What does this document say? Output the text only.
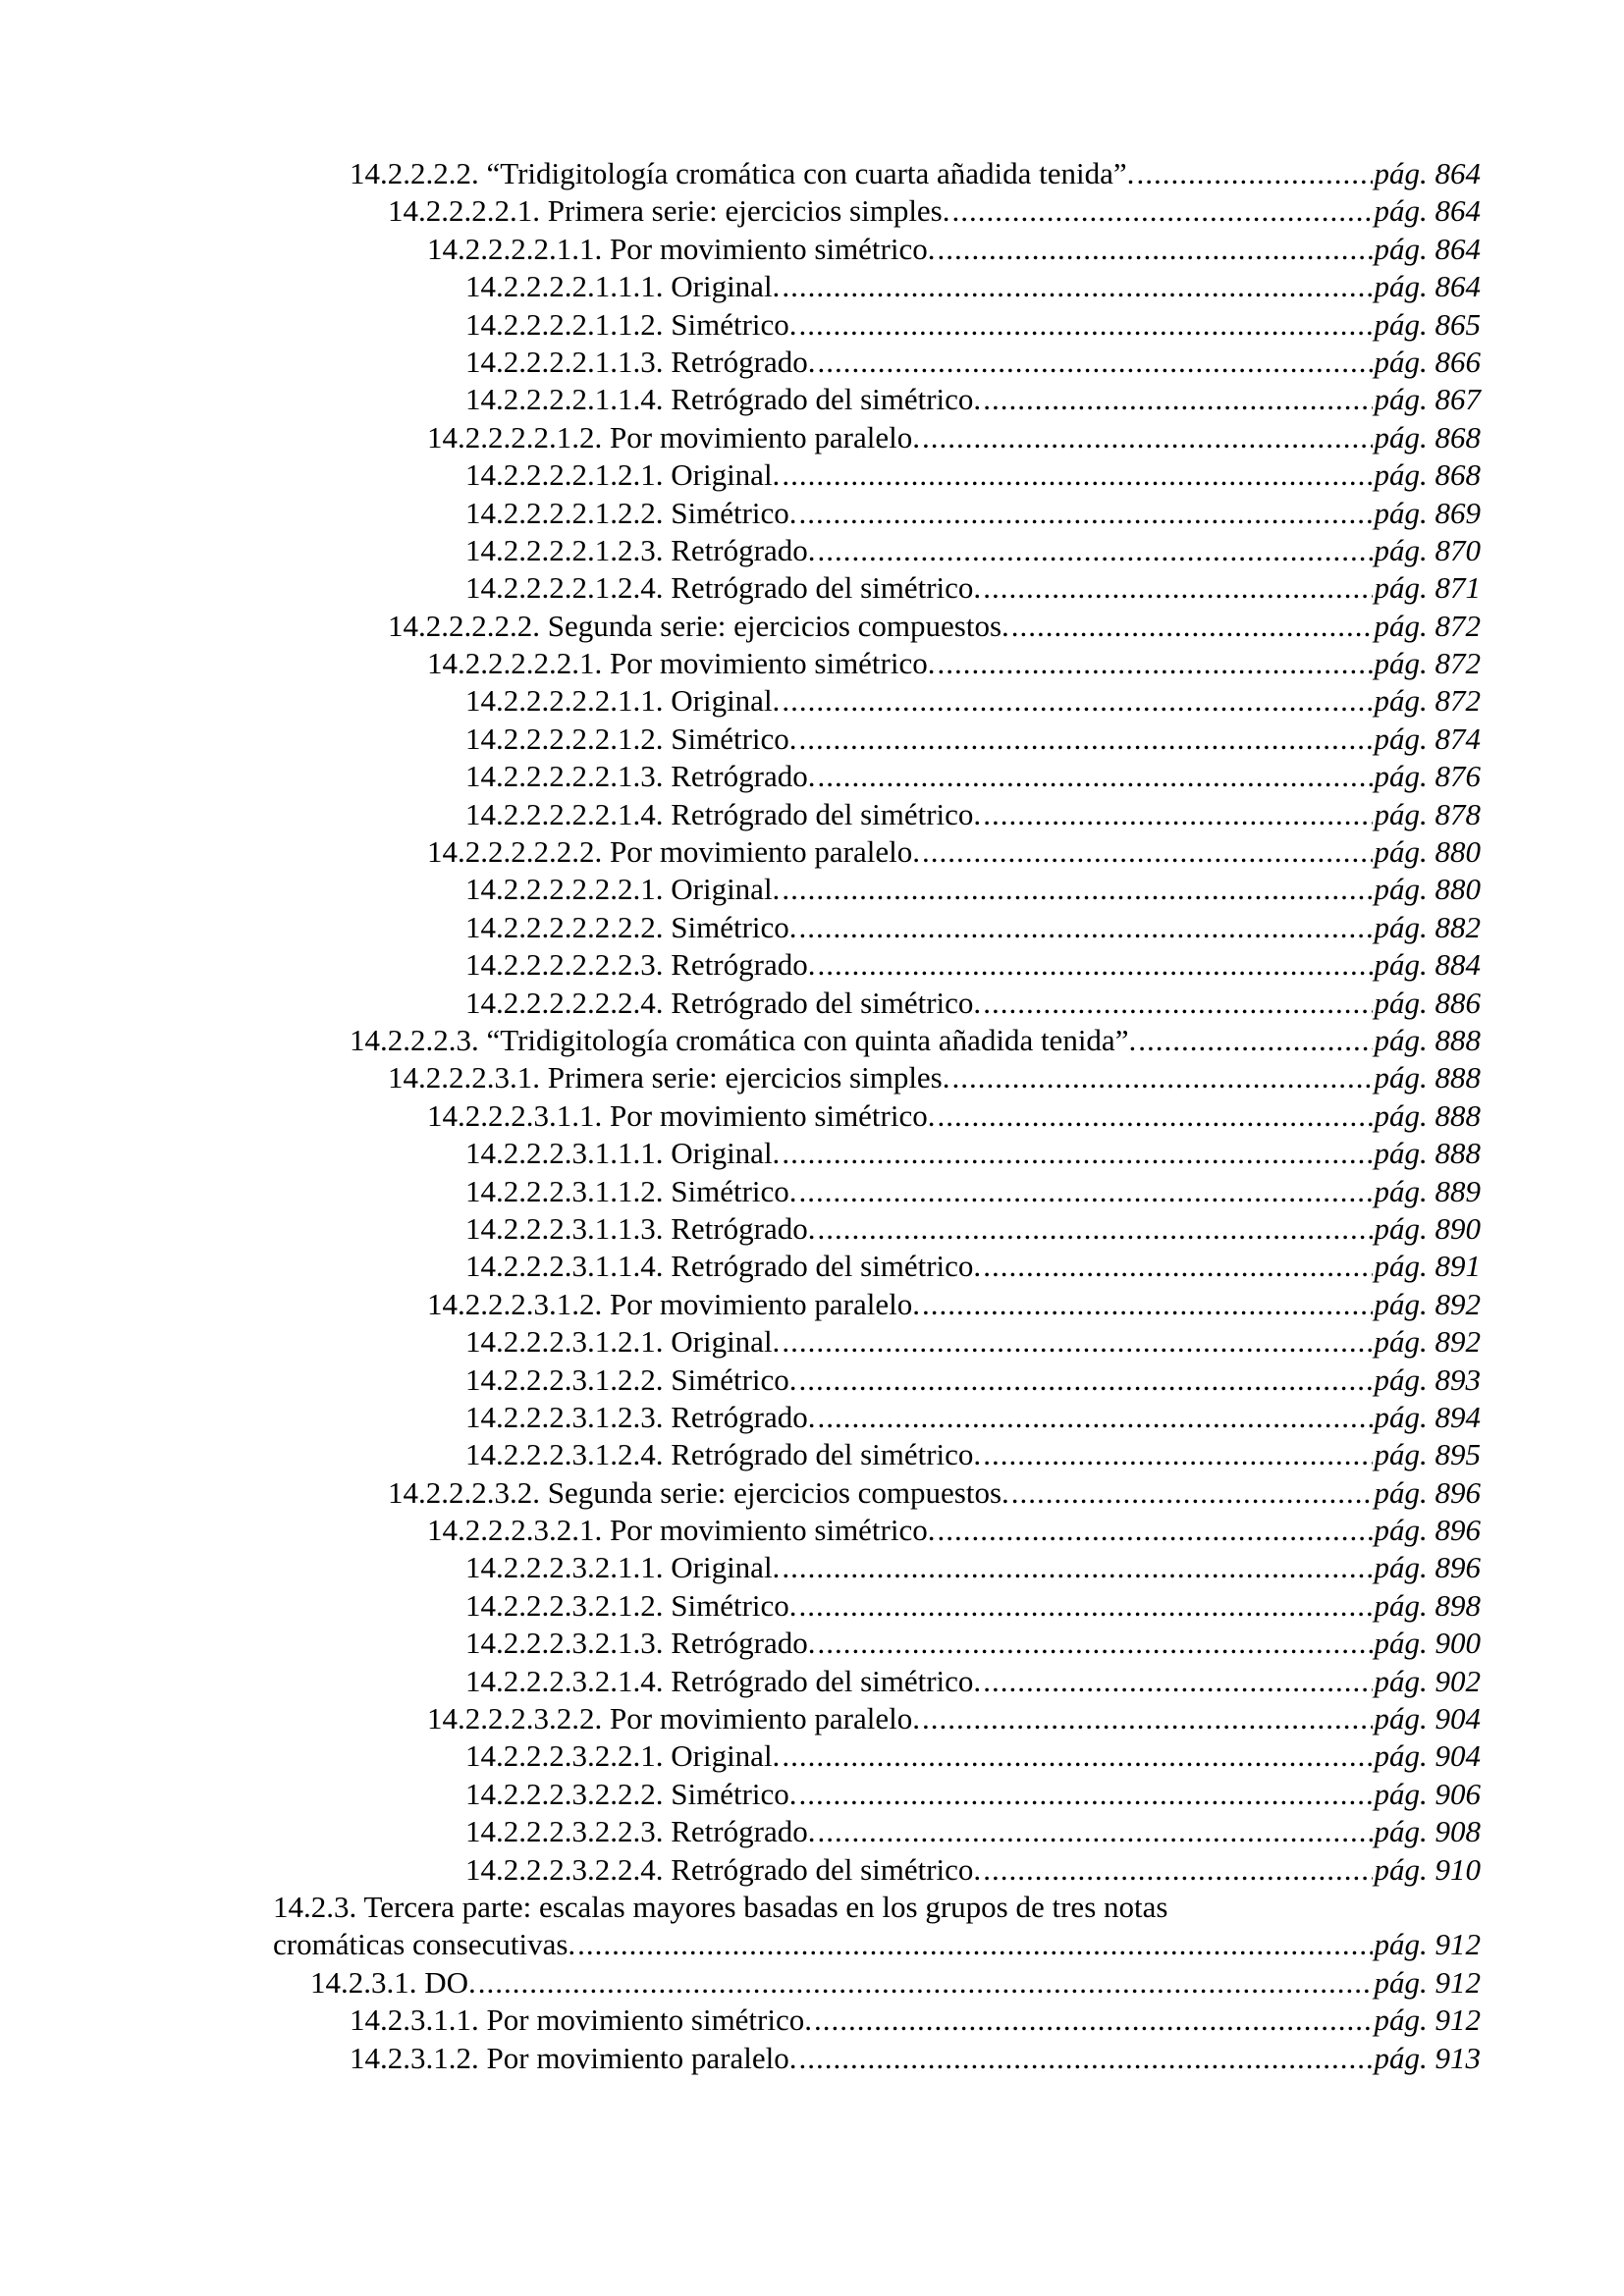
14.2.2.2.2. “Tridigitología cromática con cuarta añadida tenida”. .....	pág. 864
14.2.2.2.2.1. Primera serie: ejercicios simples. .....	pág. 864
14.2.2.2.2.1.1. Por movimiento simétrico. .....	pág. 864
14.2.2.2.2.1.1.1. Original. .....	pág. 864
14.2.2.2.2.1.1.2. Simétrico. .....	pág. 865
14.2.2.2.2.1.1.3. Retrógrado. .....	pág. 866
14.2.2.2.2.1.1.4. Retrógrado del simétrico. .....	pág. 867
14.2.2.2.2.1.2. Por movimiento paralelo. .....	pág. 868
14.2.2.2.2.1.2.1. Original. .....	pág. 868
14.2.2.2.2.1.2.2. Simétrico. .....	pág. 869
14.2.2.2.2.1.2.3. Retrógrado. .....	pág. 870
14.2.2.2.2.1.2.4. Retrógrado del simétrico. .....	pág. 871
14.2.2.2.2.2. Segunda serie: ejercicios compuestos. .....	pág. 872
14.2.2.2.2.2.1. Por movimiento simétrico. .....	pág. 872
14.2.2.2.2.2.1.1. Original. .....	pág. 872
14.2.2.2.2.2.1.2. Simétrico. .....	pág. 874
14.2.2.2.2.2.1.3. Retrógrado. .....	pág. 876
14.2.2.2.2.2.1.4. Retrógrado del simétrico. .....	pág. 878
14.2.2.2.2.2.2. Por movimiento paralelo. .....	pág. 880
14.2.2.2.2.2.2.1. Original. .....	pág. 880
14.2.2.2.2.2.2.2. Simétrico. .....	pág. 882
14.2.2.2.2.2.2.3. Retrógrado. .....	pág. 884
14.2.2.2.2.2.2.4. Retrógrado del simétrico. .....	pág. 886
14.2.2.2.3. “Tridigitología cromática con quinta añadida tenida”. .....	pág. 888
14.2.2.2.3.1. Primera serie: ejercicios simples. .....	pág. 888
14.2.2.2.3.1.1. Por movimiento simétrico. .....	pág. 888
14.2.2.2.3.1.1.1. Original. .....	pág. 888
14.2.2.2.3.1.1.2. Simétrico. .....	pág. 889
14.2.2.2.3.1.1.3. Retrógrado. .....	pág. 890
14.2.2.2.3.1.1.4. Retrógrado del simétrico. .....	pág. 891
14.2.2.2.3.1.2. Por movimiento paralelo. .....	pág. 892
14.2.2.2.3.1.2.1. Original. .....	pág. 892
14.2.2.2.3.1.2.2. Simétrico. .....	pág. 893
14.2.2.2.3.1.2.3. Retrógrado. .....	pág. 894
14.2.2.2.3.1.2.4. Retrógrado del simétrico. .....	pág. 895
14.2.2.2.3.2. Segunda serie: ejercicios compuestos. .....	pág. 896
14.2.2.2.3.2.1. Por movimiento simétrico. .....	pág. 896
14.2.2.2.3.2.1.1. Original. .....	pág. 896
14.2.2.2.3.2.1.2. Simétrico. .....	pág. 898
14.2.2.2.3.2.1.3. Retrógrado. .....	pág. 900
14.2.2.2.3.2.1.4. Retrógrado del simétrico. .....	pág. 902
14.2.2.2.3.2.2. Por movimiento paralelo. .....	pág. 904
14.2.2.2.3.2.2.1. Original. .....	pág. 904
14.2.2.2.3.2.2.2. Simétrico. .....	pág. 906
14.2.2.2.3.2.2.3. Retrógrado. .....	pág. 908
14.2.2.2.3.2.2.4. Retrógrado del simétrico. .....	pág. 910
14.2.3. Tercera parte: escalas mayores basadas en los grupos de tres notas
cromáticas consecutivas. .....	pág. 912
14.2.3.1. DO. .....	pág. 912
14.2.3.1.1. Por movimiento simétrico. .....	pág. 912
14.2.3.1.2. Por movimiento paralelo. .....	pág. 913
